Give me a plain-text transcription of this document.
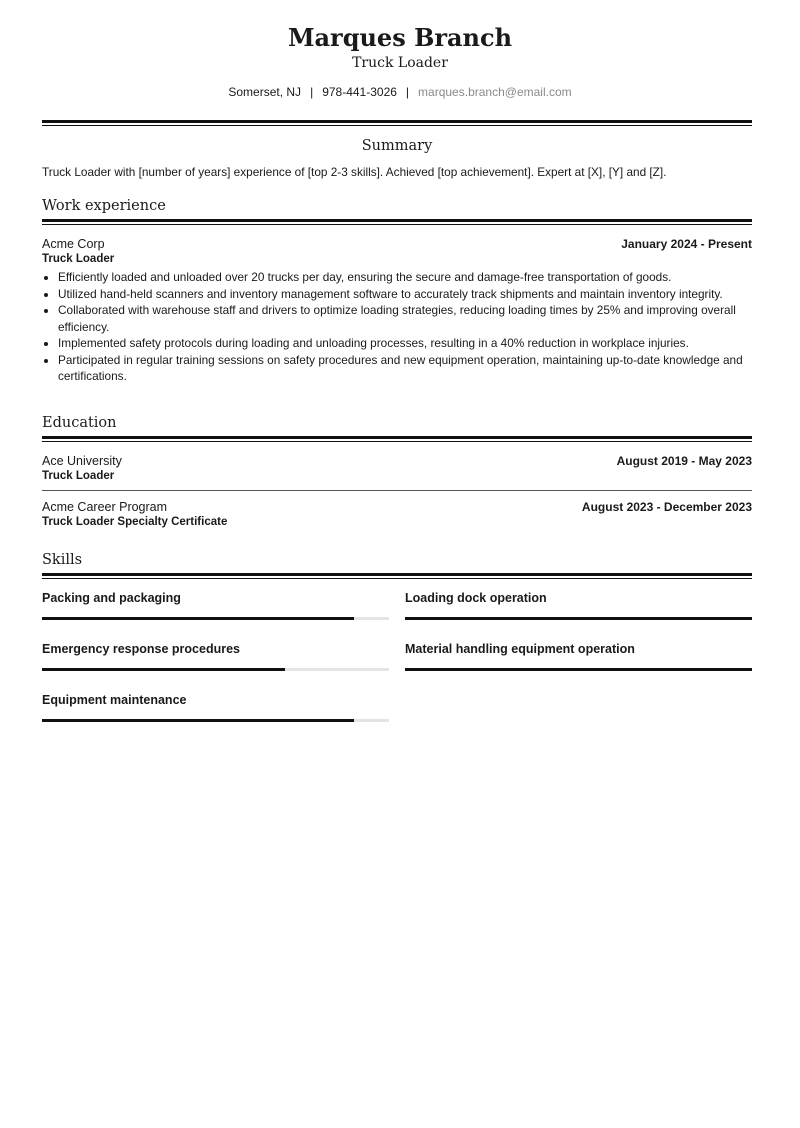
Marques Branch
Truck Loader
Somerset, NJ | 978-441-3026 | marques.branch@email.com
Summary
Truck Loader with [number of years] experience of [top 2-3 skills]. Achieved [top achievement]. Expert at [X], [Y] and [Z].
Work experience
Acme Corp	January 2024 - Present
Truck Loader
• Efficiently loaded and unloaded over 20 trucks per day, ensuring the secure and damage-free transportation of goods.
• Utilized hand-held scanners and inventory management software to accurately track shipments and maintain inventory integrity.
• Collaborated with warehouse staff and drivers to optimize loading strategies, reducing loading times by 25% and improving overall efficiency.
• Implemented safety protocols during loading and unloading processes, resulting in a 40% reduction in workplace injuries.
• Participated in regular training sessions on safety procedures and new equipment operation, maintaining up-to-date knowledge and certifications.
Education
Ace University	August 2019 - May 2023
Truck Loader
Acme Career Program	August 2023 - December 2023
Truck Loader Specialty Certificate
Skills
Packing and packaging	Loading dock operation
Emergency response procedures	Material handling equipment operation
Equipment maintenance
